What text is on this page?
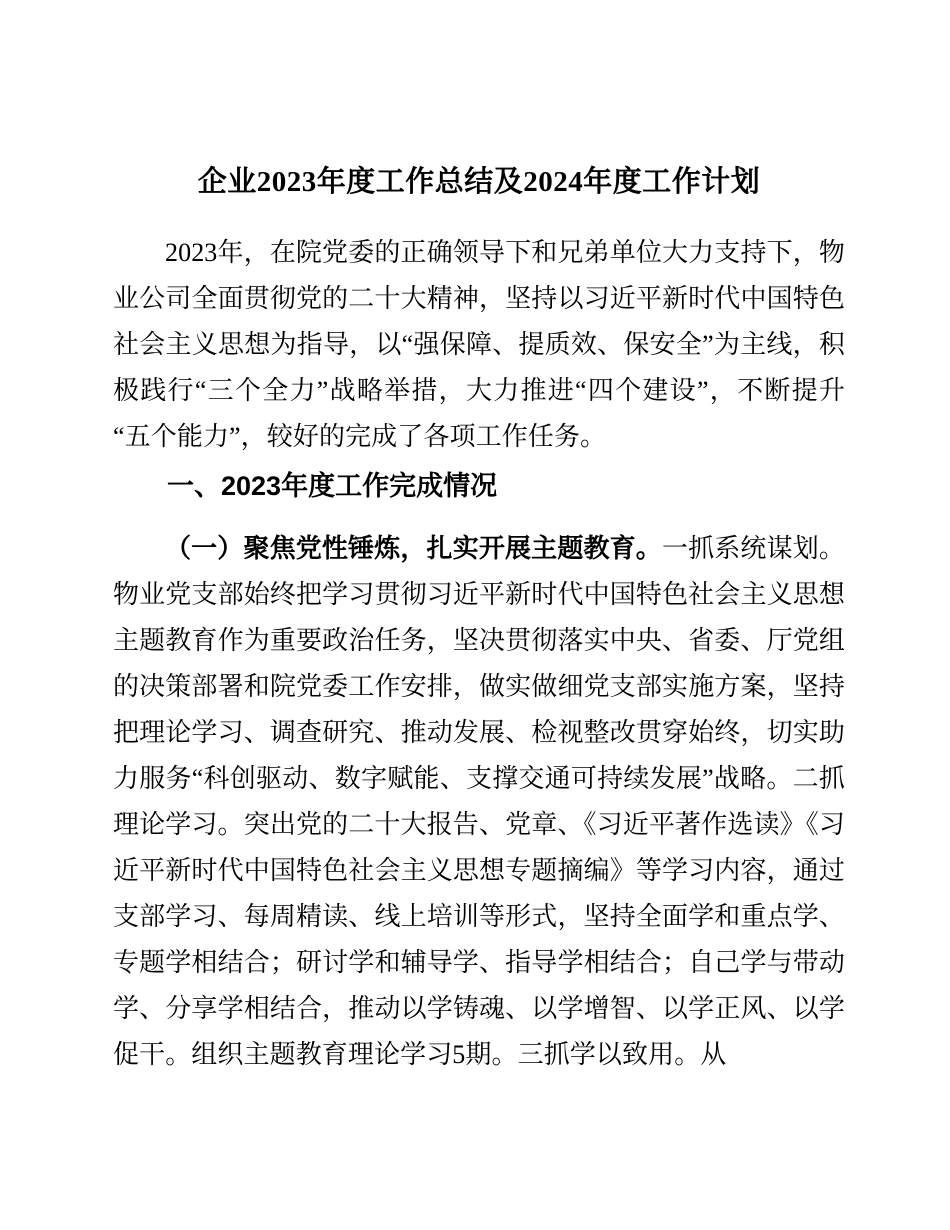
企业2023年度工作总结及2024年度工作计划

2023年，在院党委的正确领导下和兄弟单位大力支持下，物业公司全面贯彻党的二十大精神，坚持以习近平新时代中国特色社会主义思想为指导，以“强保障、提质效、保安全”为主线，积极践行“三个全力”战略举措，大力推进“四个建设”，不断提升“五个能力”，较好的完成了各项工作任务。

一、2023年度工作完成情况

（一）聚焦党性锤炼，扎实开展主题教育。一抓系统谋划。物业党支部始终把学习贯彻习近平新时代中国特色社会主义思想主题教育作为重要政治任务，坚决贯彻落实中央、省委、厅党组的决策部署和院党委工作安排，做实做细党支部实施方案，坚持把理论学习、调查研究、推动发展、检视整改贯穿始终，切实助力服务“科创驱动、数字赋能、支撑交通可持续发展”战略。二抓理论学习。突出党的二十大报告、党章、《习近平著作选读》《习近平新时代中国特色社会主义思想专题摘编》等学习内容，通过支部学习、每周精读、线上培训等形式，坚持全面学和重点学、专题学相结合；研讨学和辅导学、指导学相结合；自己学与带动学、分享学相结合，推动以学铸魂、以学增智、以学正风、以学促干。组织主题教育理论学习5期。三抓学以致用。从
